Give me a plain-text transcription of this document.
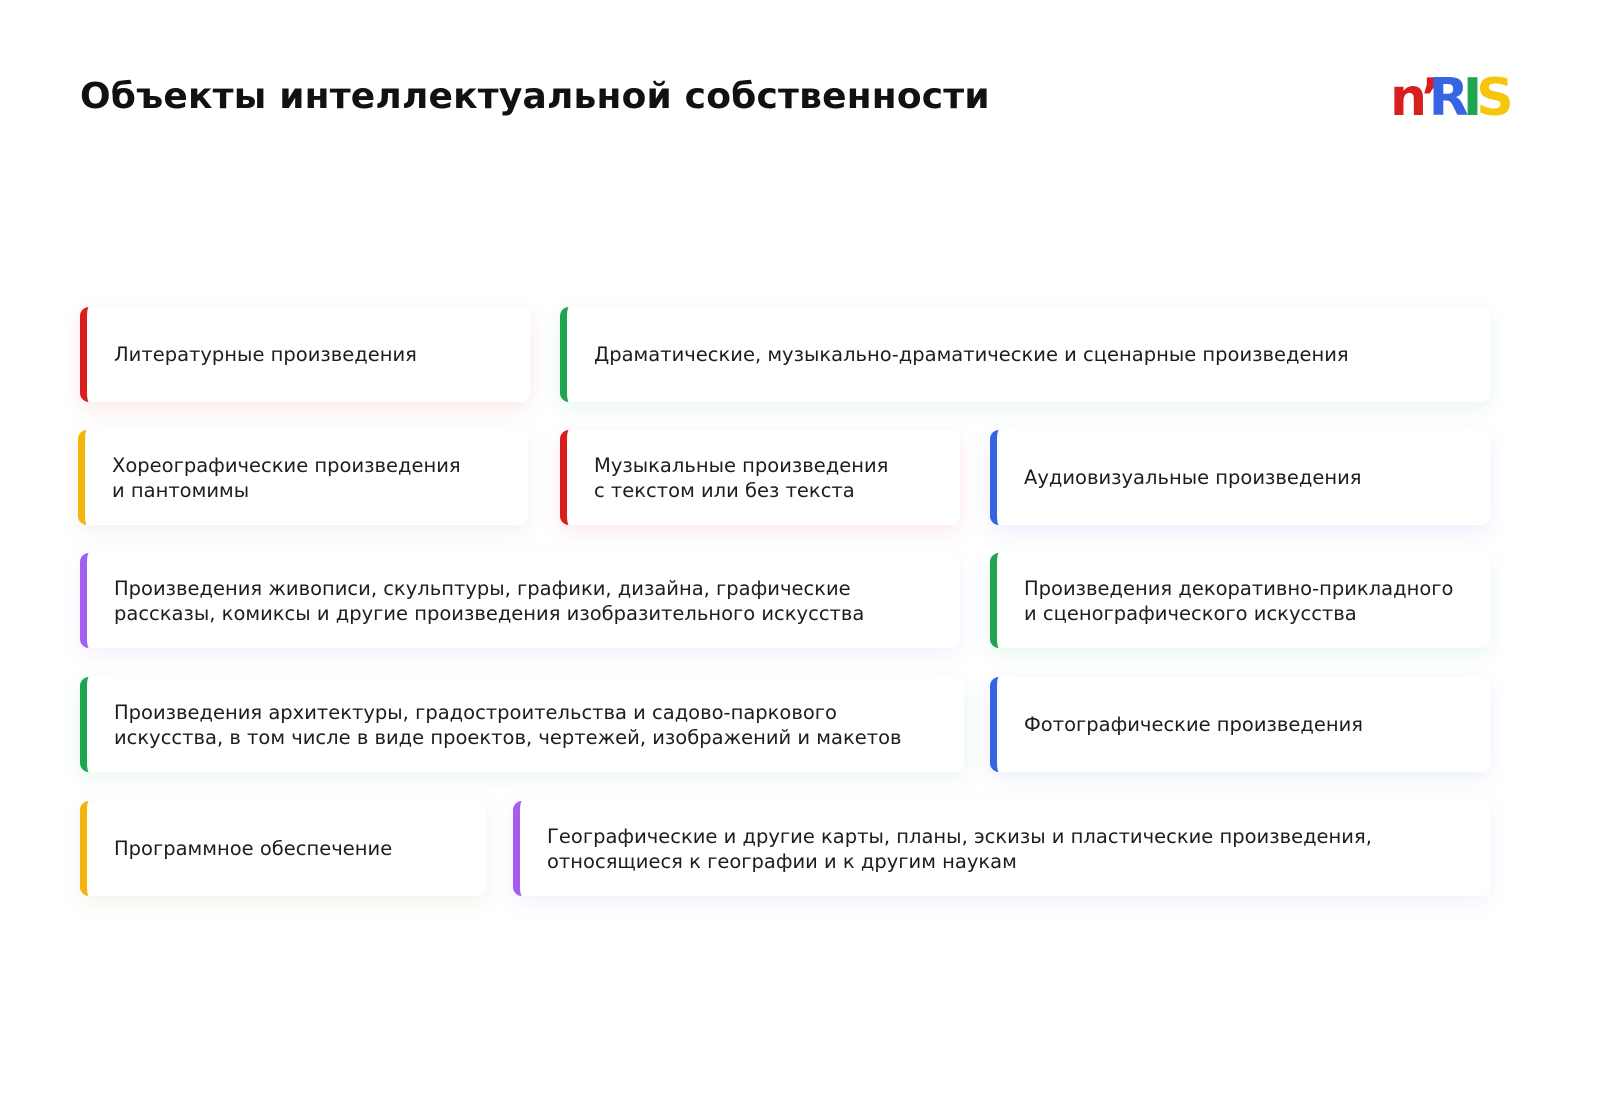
Объекты интеллектуальной собственности	n’RIS
Литературные произведения	Драматические, музыкально-драматические и сценарные произведения
Хореографические произведения
и пантомимы
Музыкальные произведения
с текстом или без текста
Аудиовизуальные произведения
Произведения живописи, скульптуры, графики, дизайна, графические
рассказы, комиксы и другие произведения изобразительного искусства
Произведения декоративно-прикладного
и сценографического искусства
Произведения архитектуры, градостроительства и садово-паркового
искусства, в том числе в виде проектов, чертежей, изображений и макетов
Фотографические произведения
Программное обеспечение
Географические и другие карты, планы, эскизы и пластические произведения,
относящиеся к географии и к другим наукам
